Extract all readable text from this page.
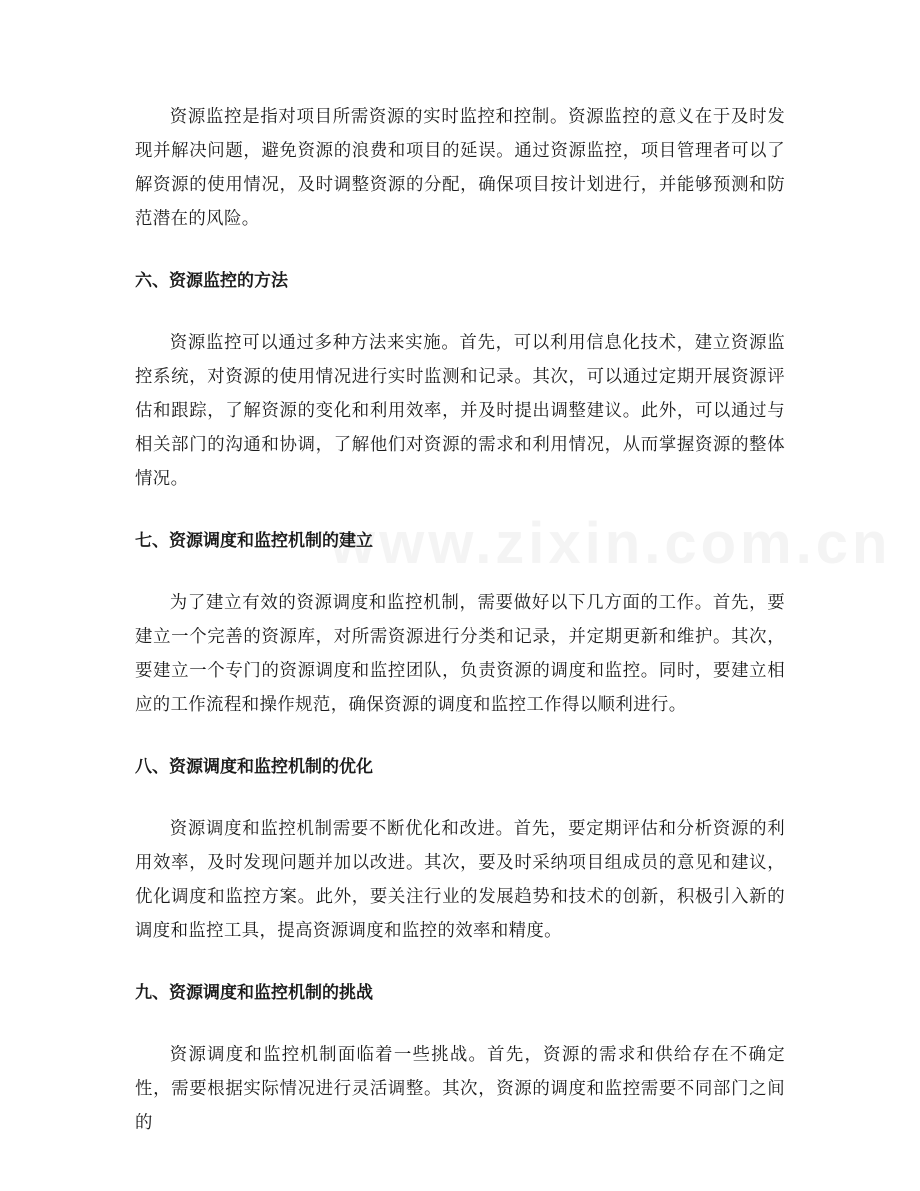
www.zixin.com.cn

资源监控是指对项目所需资源的实时监控和控制。资源监控的意义在于及时发现并解决问题，避免资源的浪费和项目的延误。通过资源监控，项目管理者可以了解资源的使用情况，及时调整资源的分配，确保项目按计划进行，并能够预测和防范潜在的风险。

六、资源监控的方法

资源监控可以通过多种方法来实施。首先，可以利用信息化技术，建立资源监控系统，对资源的使用情况进行实时监测和记录。其次，可以通过定期开展资源评估和跟踪，了解资源的变化和利用效率，并及时提出调整建议。此外，可以通过与相关部门的沟通和协调，了解他们对资源的需求和利用情况，从而掌握资源的整体情况。

七、资源调度和监控机制的建立

为了建立有效的资源调度和监控机制，需要做好以下几方面的工作。首先，要建立一个完善的资源库，对所需资源进行分类和记录，并定期更新和维护。其次，要建立一个专门的资源调度和监控团队，负责资源的调度和监控。同时，要建立相应的工作流程和操作规范，确保资源的调度和监控工作得以顺利进行。

八、资源调度和监控机制的优化

资源调度和监控机制需要不断优化和改进。首先，要定期评估和分析资源的利用效率，及时发现问题并加以改进。其次，要及时采纳项目组成员的意见和建议，优化调度和监控方案。此外，要关注行业的发展趋势和技术的创新，积极引入新的调度和监控工具，提高资源调度和监控的效率和精度。

九、资源调度和监控机制的挑战

资源调度和监控机制面临着一些挑战。首先，资源的需求和供给存在不确定性，需要根据实际情况进行灵活调整。其次，资源的调度和监控需要不同部门之间的
